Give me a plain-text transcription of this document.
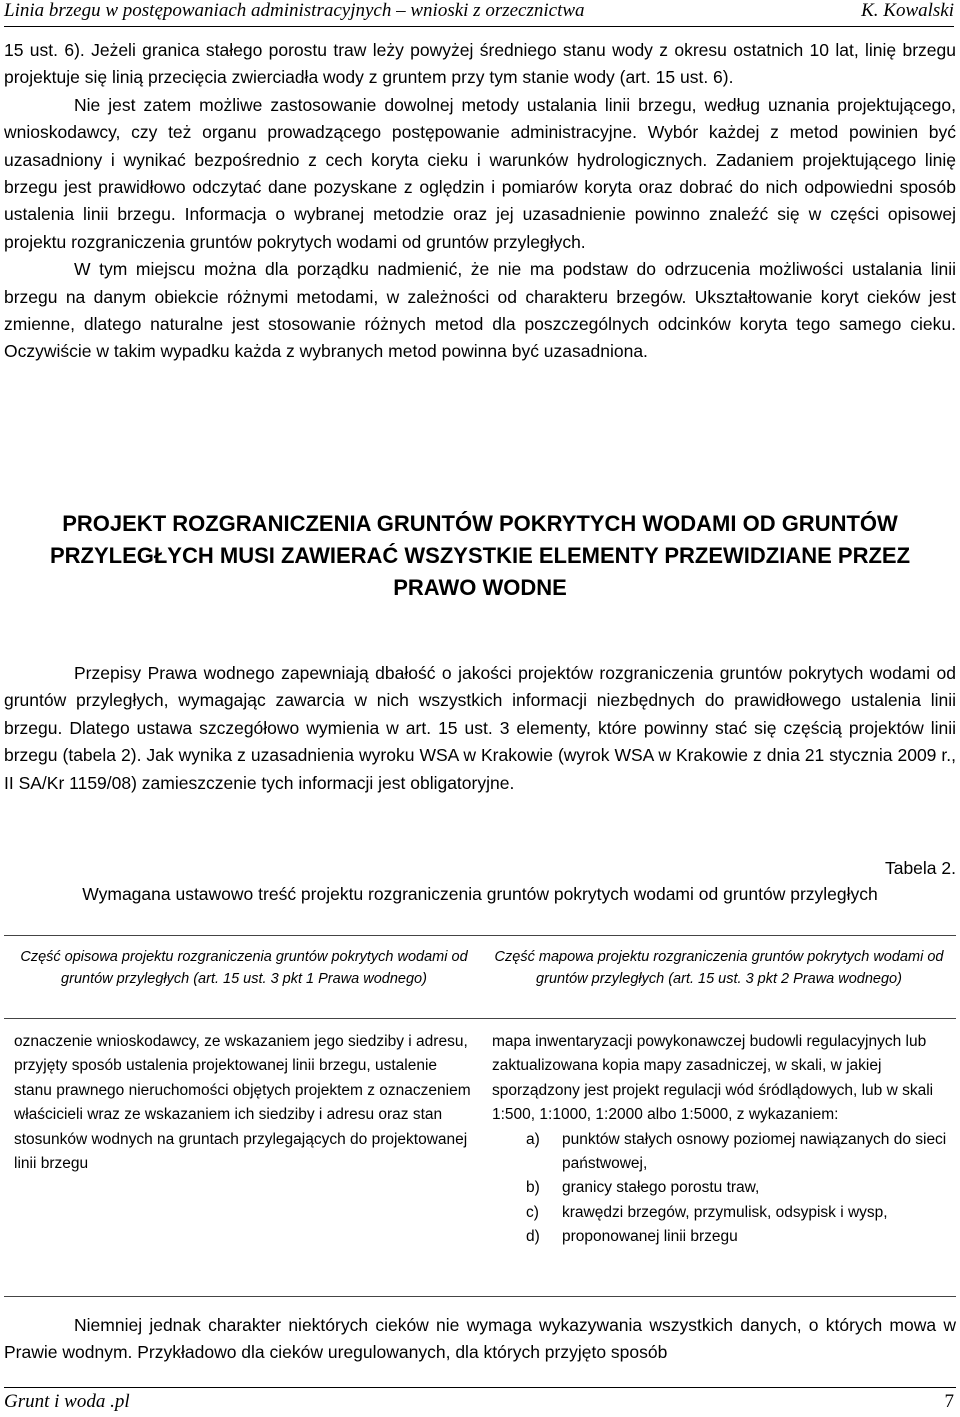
Linia brzegu w postępowaniach administracyjnych – wnioski z orzecznictwa	K. Kowalski

15 ust. 6). Jeżeli granica stałego porostu traw leży powyżej średniego stanu wody z okresu ostatnich 10 lat, linię brzegu projektuje się linią przecięcia zwierciadła wody z gruntem przy tym stanie wody (art. 15 ust. 6).

Nie jest zatem możliwe zastosowanie dowolnej metody ustalania linii brzegu, według uznania projektującego, wnioskodawcy, czy też organu prowadzącego postępowanie administracyjne. Wybór każdej z metod powinien być uzasadniony i wynikać bezpośrednio z cech koryta cieku i warunków hydrologicznych. Zadaniem projektującego linię brzegu jest prawidłowo odczytać dane pozyskane z oględzin i pomiarów koryta oraz dobrać do nich odpowiedni sposób ustalenia linii brzegu. Informacja o wybranej metodzie oraz jej uzasadnienie powinno znaleźć się w części opisowej projektu rozgraniczenia gruntów pokrytych wodami od gruntów przyległych.

W tym miejscu można dla porządku nadmienić, że nie ma podstaw do odrzucenia możliwości ustalania linii brzegu na danym obiekcie różnymi metodami, w zależności od charakteru brzegów. Ukształtowanie koryt cieków jest zmienne, dlatego naturalne jest stosowanie różnych metod dla poszczególnych odcinków koryta tego samego cieku. Oczywiście w takim wypadku każda z wybranych metod powinna być uzasadniona.

PROJEKT ROZGRANICZENIA GRUNTÓW POKRYTYCH WODAMI OD GRUNTÓW
PRZYLEGŁYCH MUSI ZAWIERAĆ WSZYSTKIE ELEMENTY PRZEWIDZIANE PRZEZ
PRAWO WODNE

Przepisy Prawa wodnego zapewniają dbałość o jakości projektów rozgraniczenia gruntów pokrytych wodami od gruntów przyległych, wymagając zawarcia w nich wszystkich informacji niezbędnych do prawidłowego ustalenia linii brzegu. Dlatego ustawa szczegółowo wymienia w art. 15 ust. 3 elementy, które powinny stać się częścią projektów linii brzegu (tabela 2). Jak wynika z uzasadnienia wyroku WSA w Krakowie (wyrok WSA w Krakowie z dnia 21 stycznia 2009 r., II SA/Kr 1159/08) zamieszczenie tych informacji jest obligatoryjne.

Tabela 2.
Wymagana ustawowo treść projektu rozgraniczenia gruntów pokrytych wodami od gruntów przyległych
Część opisowa projektu rozgraniczenia gruntów pokrytych wodami od gruntów przyległych (art. 15 ust. 3 pkt 1 Prawa wodnego)
Część mapowa projektu rozgraniczenia gruntów pokrytych wodami od gruntów przyległych (art. 15 ust. 3 pkt 2 Prawa wodnego)
oznaczenie wnioskodawcy, ze wskazaniem jego siedziby i adresu, przyjęty sposób ustalenia projektowanej linii brzegu, ustalenie stanu prawnego nieruchomości objętych projektem z oznaczeniem właścicieli wraz ze wskazaniem ich siedziby i adresu oraz stan stosunków wodnych na gruntach przylegających do projektowanej linii brzegu
mapa inwentaryzacji powykonawczej budowli regulacyjnych lub zaktualizowana kopia mapy zasadniczej, w skali, w jakiej sporządzony jest projekt regulacji wód śródlądowych, lub w skali 1:500, 1:1000, 1:2000 albo 1:5000, z wykazaniem:
a) punktów stałych osnowy poziomej nawiązanych do sieci państwowej,
b) granicy stałego porostu traw,
c) krawędzi brzegów, przymulisk, odsypisk i wysp,
d) proponowanej linii brzegu

Niemniej jednak charakter niektórych cieków nie wymaga wykazywania wszystkich danych, o których mowa w Prawie wodnym. Przykładowo dla cieków uregulowanych, dla których przyjęto sposób

Grunt i woda .pl	7
